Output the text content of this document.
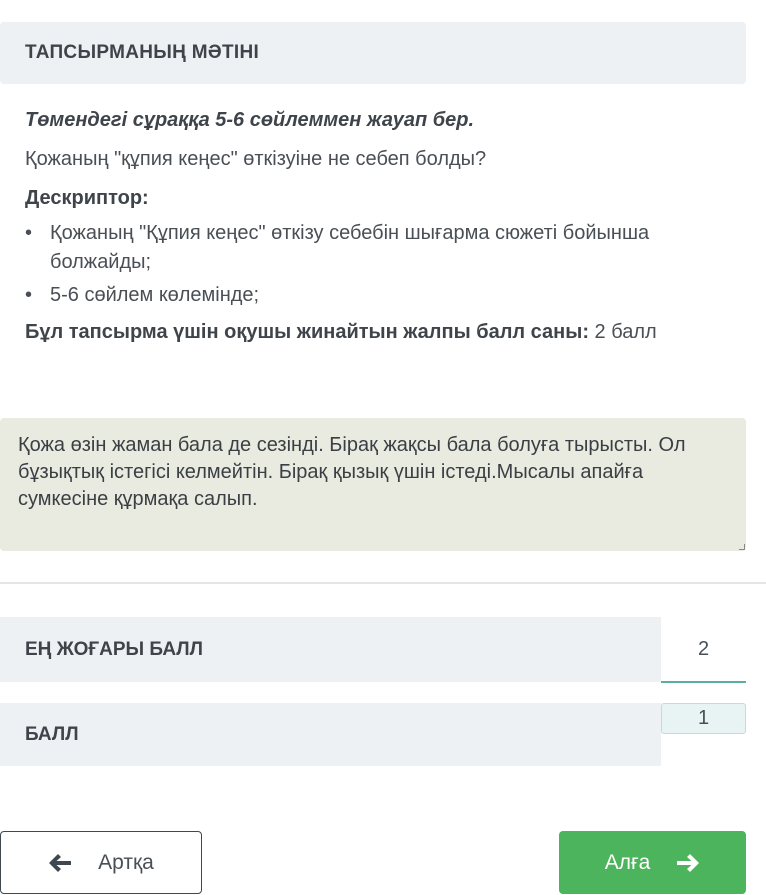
ТАПСЫРМАНЫҢ МӘТІНІ
Төмендегі сұраққа 5-6 сөйлеммен жауап бер.
Қожаның "құпия кеңес" өткізуіне не себеп болды?
Дескриптор:
• Қожаның "Құпия кеңес" өткізу себебін шығарма сюжеті бойынша болжайды;
• 5-6 сөйлем көлемінде;
Бұл тапсырма үшін оқушы жинайтын жалпы балл саны: 2 балл
Қожа өзін жаман бала де сезінді. Бірақ жақсы бала болуға тырысты. Ол бұзықтық істегісі келмейтін. Бірақ қызық үшін істеді.Мысалы апайға сумкесіне құрмақа салып.
ЕҢ ЖОҒАРЫ БАЛЛ	2
БАЛЛ
1
Артқа	Алға
